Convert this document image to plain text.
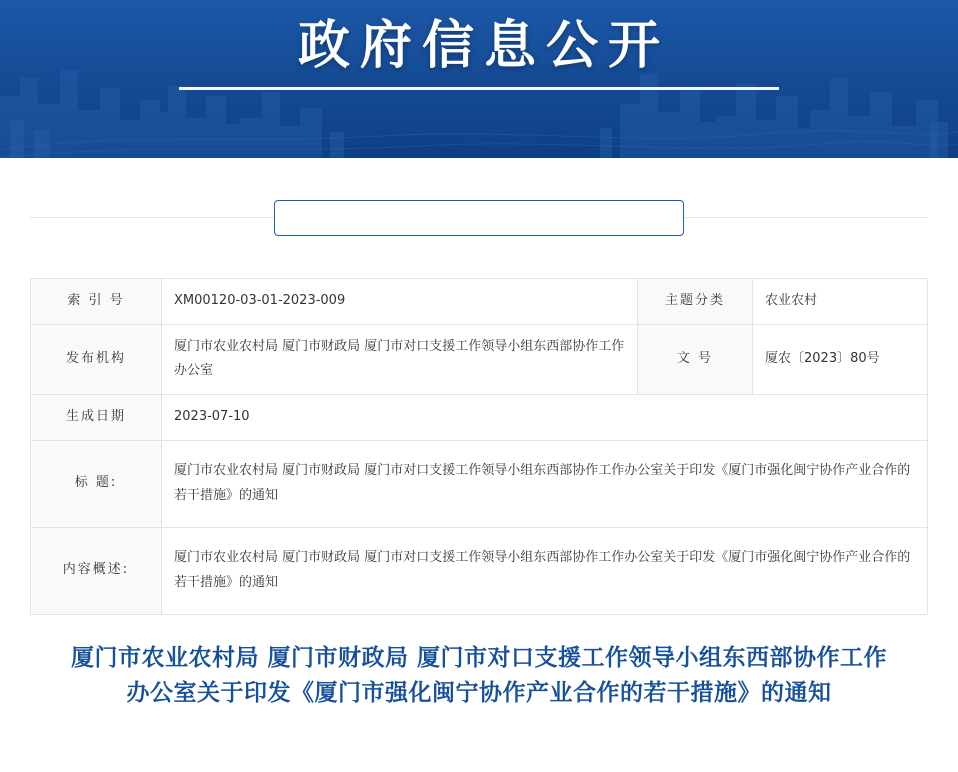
政府信息公开
索 引 号	XM00120-03-01-2023-009	主题分类	农业农村
发布机构	厦门市农业农村局 厦门市财政局 厦门市对口支援工作领导小组东西部协作工作办公室	文 号	厦农〔2023〕80号
生成日期	2023-07-10		
标 题:	厦门市农业农村局 厦门市财政局 厦门市对口支援工作领导小组东西部协作工作办公室关于印发《厦门市强化闽宁协作产业合作的若干措施》的通知		
内容概述:	厦门市农业农村局 厦门市财政局 厦门市对口支援工作领导小组东西部协作工作办公室关于印发《厦门市强化闽宁协作产业合作的若干措施》的通知		
厦门市农业农村局 厦门市财政局 厦门市对口支援工作领导小组东西部协作工作办公室关于印发《厦门市强化闽宁协作产业合作的若干措施》的通知
